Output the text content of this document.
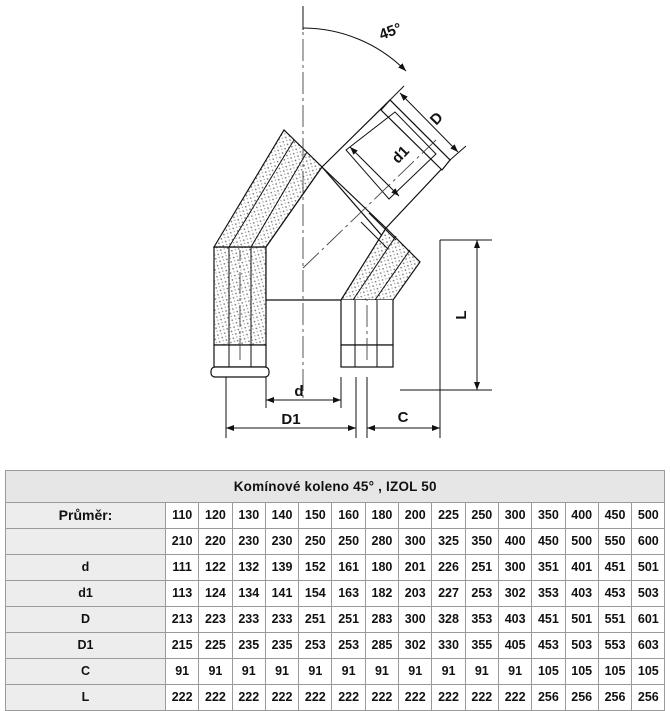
45°
D
d1
L
d
D1	C
Komínové koleno 45° , IZOL 50															
Průměr:	110	120	130	140	150	160	180	200	225	250	300	350	400	450	500
	210	220	230	230	250	250	280	300	325	350	400	450	500	550	600
d	111	122	132	139	152	161	180	201	226	251	300	351	401	451	501
d1	113	124	134	141	154	163	182	203	227	253	302	353	403	453	503
D	213	223	233	233	251	251	283	300	328	353	403	451	501	551	601
D1	215	225	235	235	253	253	285	302	330	355	405	453	503	553	603
C	91	91	91	91	91	91	91	91	91	91	91	105	105	105	105
L	222	222	222	222	222	222	222	222	222	222	222	256	256	256	256
